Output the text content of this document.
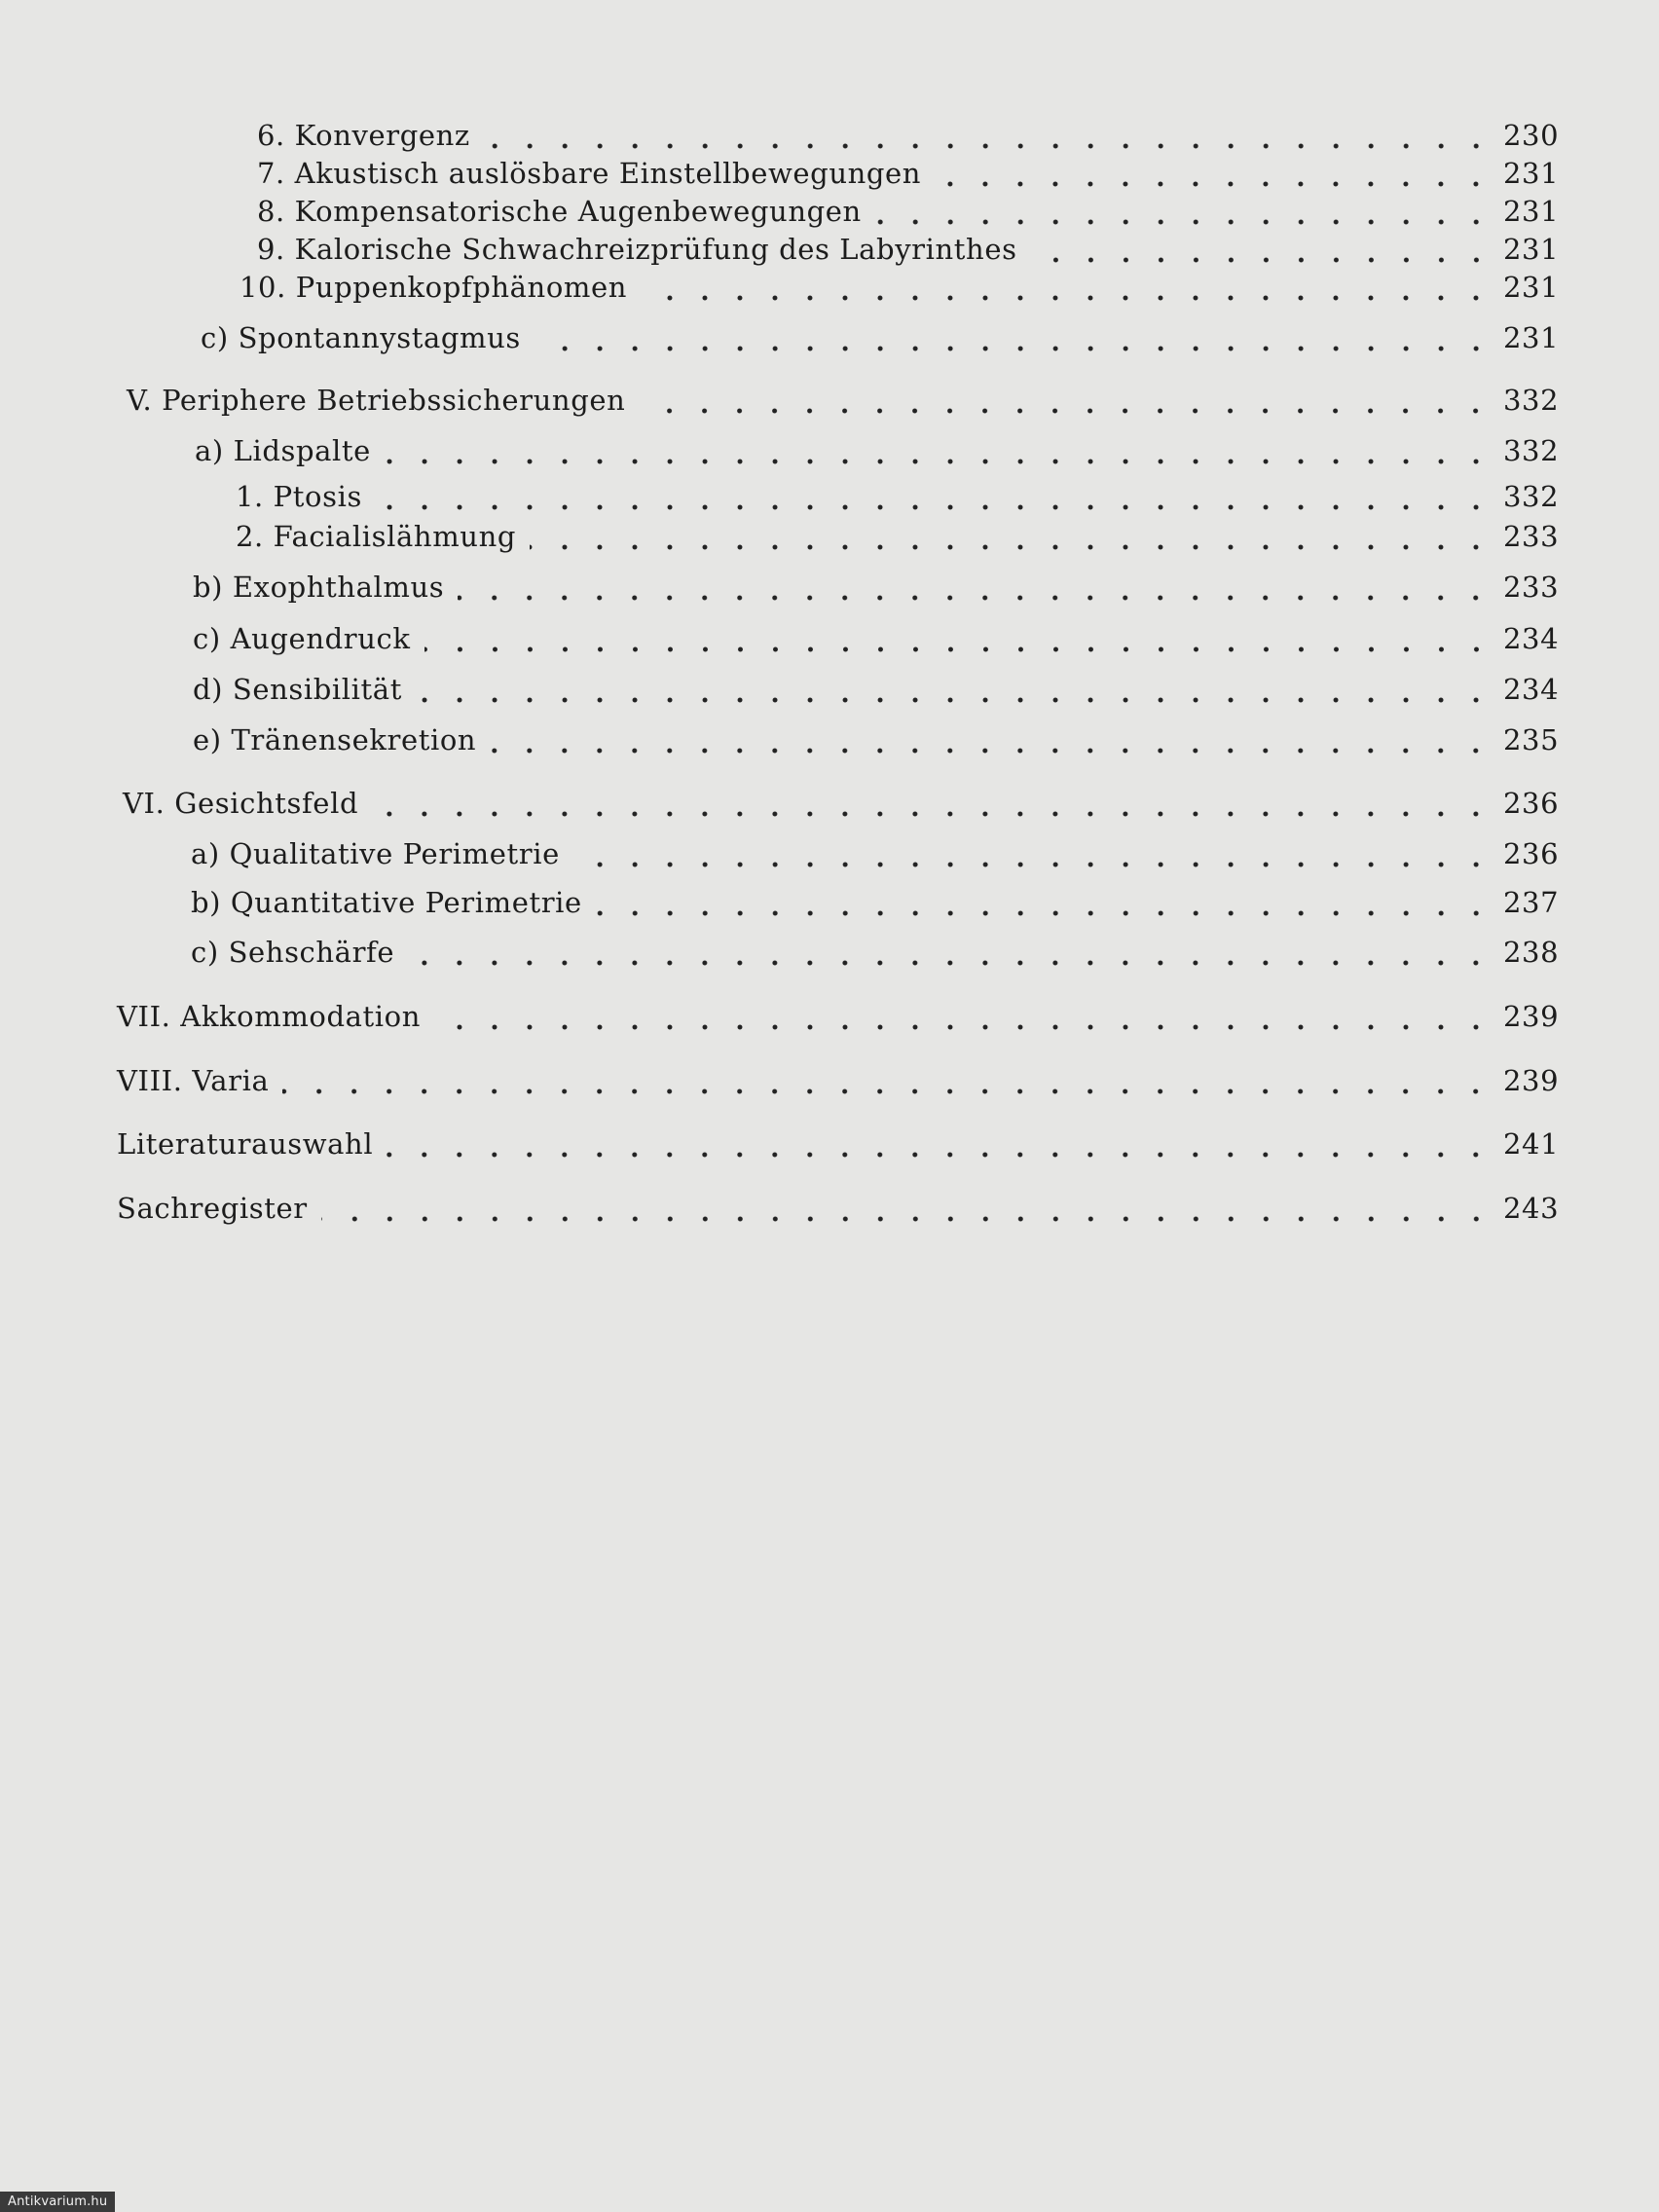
6. Konvergenz	230
7. Akustisch auslösbare Einstellbewegungen	231
8. Kompensatorische Augenbewegungen	231
9. Kalorische Schwachreizprüfung des Labyrinthes	231
10. Puppenkopfphänomen	231
c) Spontannystagmus	231
V. Periphere Betriebssicherungen	332
a) Lidspalte	332
1. Ptosis	332
2. Facialislähmung	233
b) Exophthalmus	233
c) Augendruck	234
d) Sensibilität	234
e) Tränensekretion	235
VI. Gesichtsfeld	236
a) Qualitative Perimetrie	236
b) Quantitative Perimetrie	237
c) Sehschärfe	238
VII. Akkommodation	239
VIII. Varia	239
Literaturauswahl	241
Sachregister	243
Antikvarium.hu
